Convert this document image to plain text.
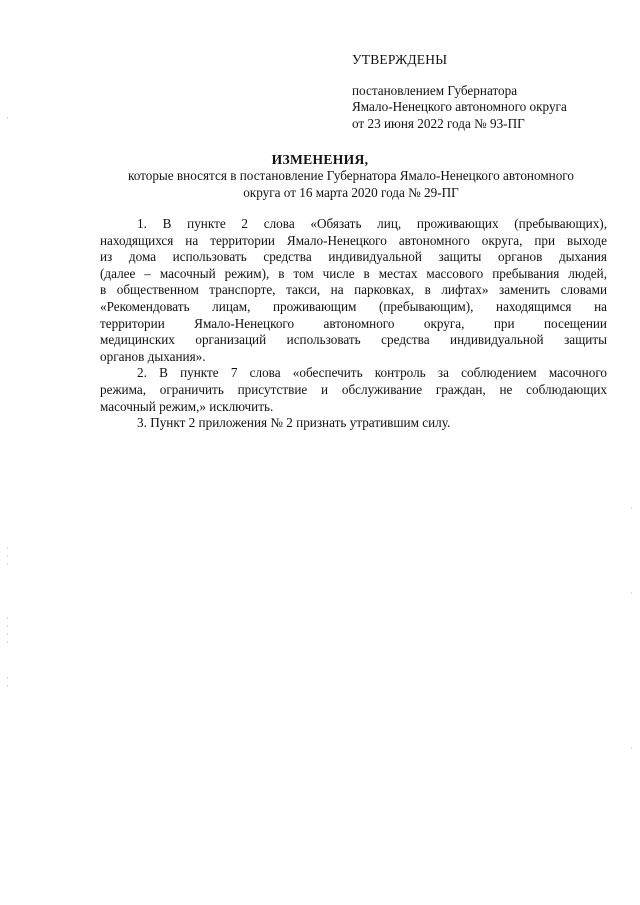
УТВЕРЖДЕНЫ
постановлением Губернатора
Ямало-Ненецкого автономного округа
от 23 июня 2022 года № 93-ПГ
ИЗМЕНЕНИЯ,
которые вносятся в постановление Губернатора Ямало-Ненецкого автономного
округа от 16 марта 2020 года № 29-ПГ

1. В пункте 2 слова «Обязать лиц, проживающих (пребывающих),
находящихся на территории Ямало-Ненецкого автономного округа, при выходе
из дома использовать средства индивидуальной защиты органов дыхания
(далее – масочный режим), в том числе в местах массового пребывания людей,
в общественном транспорте, такси, на парковках, в лифтах» заменить словами
«Рекомендовать лицам, проживающим (пребывающим), находящимся на
территории Ямало-Ненецкого автономного округа, при посещении
медицинских организаций использовать средства индивидуальной защиты
органов дыхания».

2. В пункте 7 слова «обеспечить контроль за соблюдением масочного
режима, ограничить присутствие и обслуживание граждан, не соблюдающих
масочный режим,» исключить.

3. Пункт 2 приложения № 2 признать утратившим силу.

·
·
·
·
·
·
·
·
·
·
·
·
·
